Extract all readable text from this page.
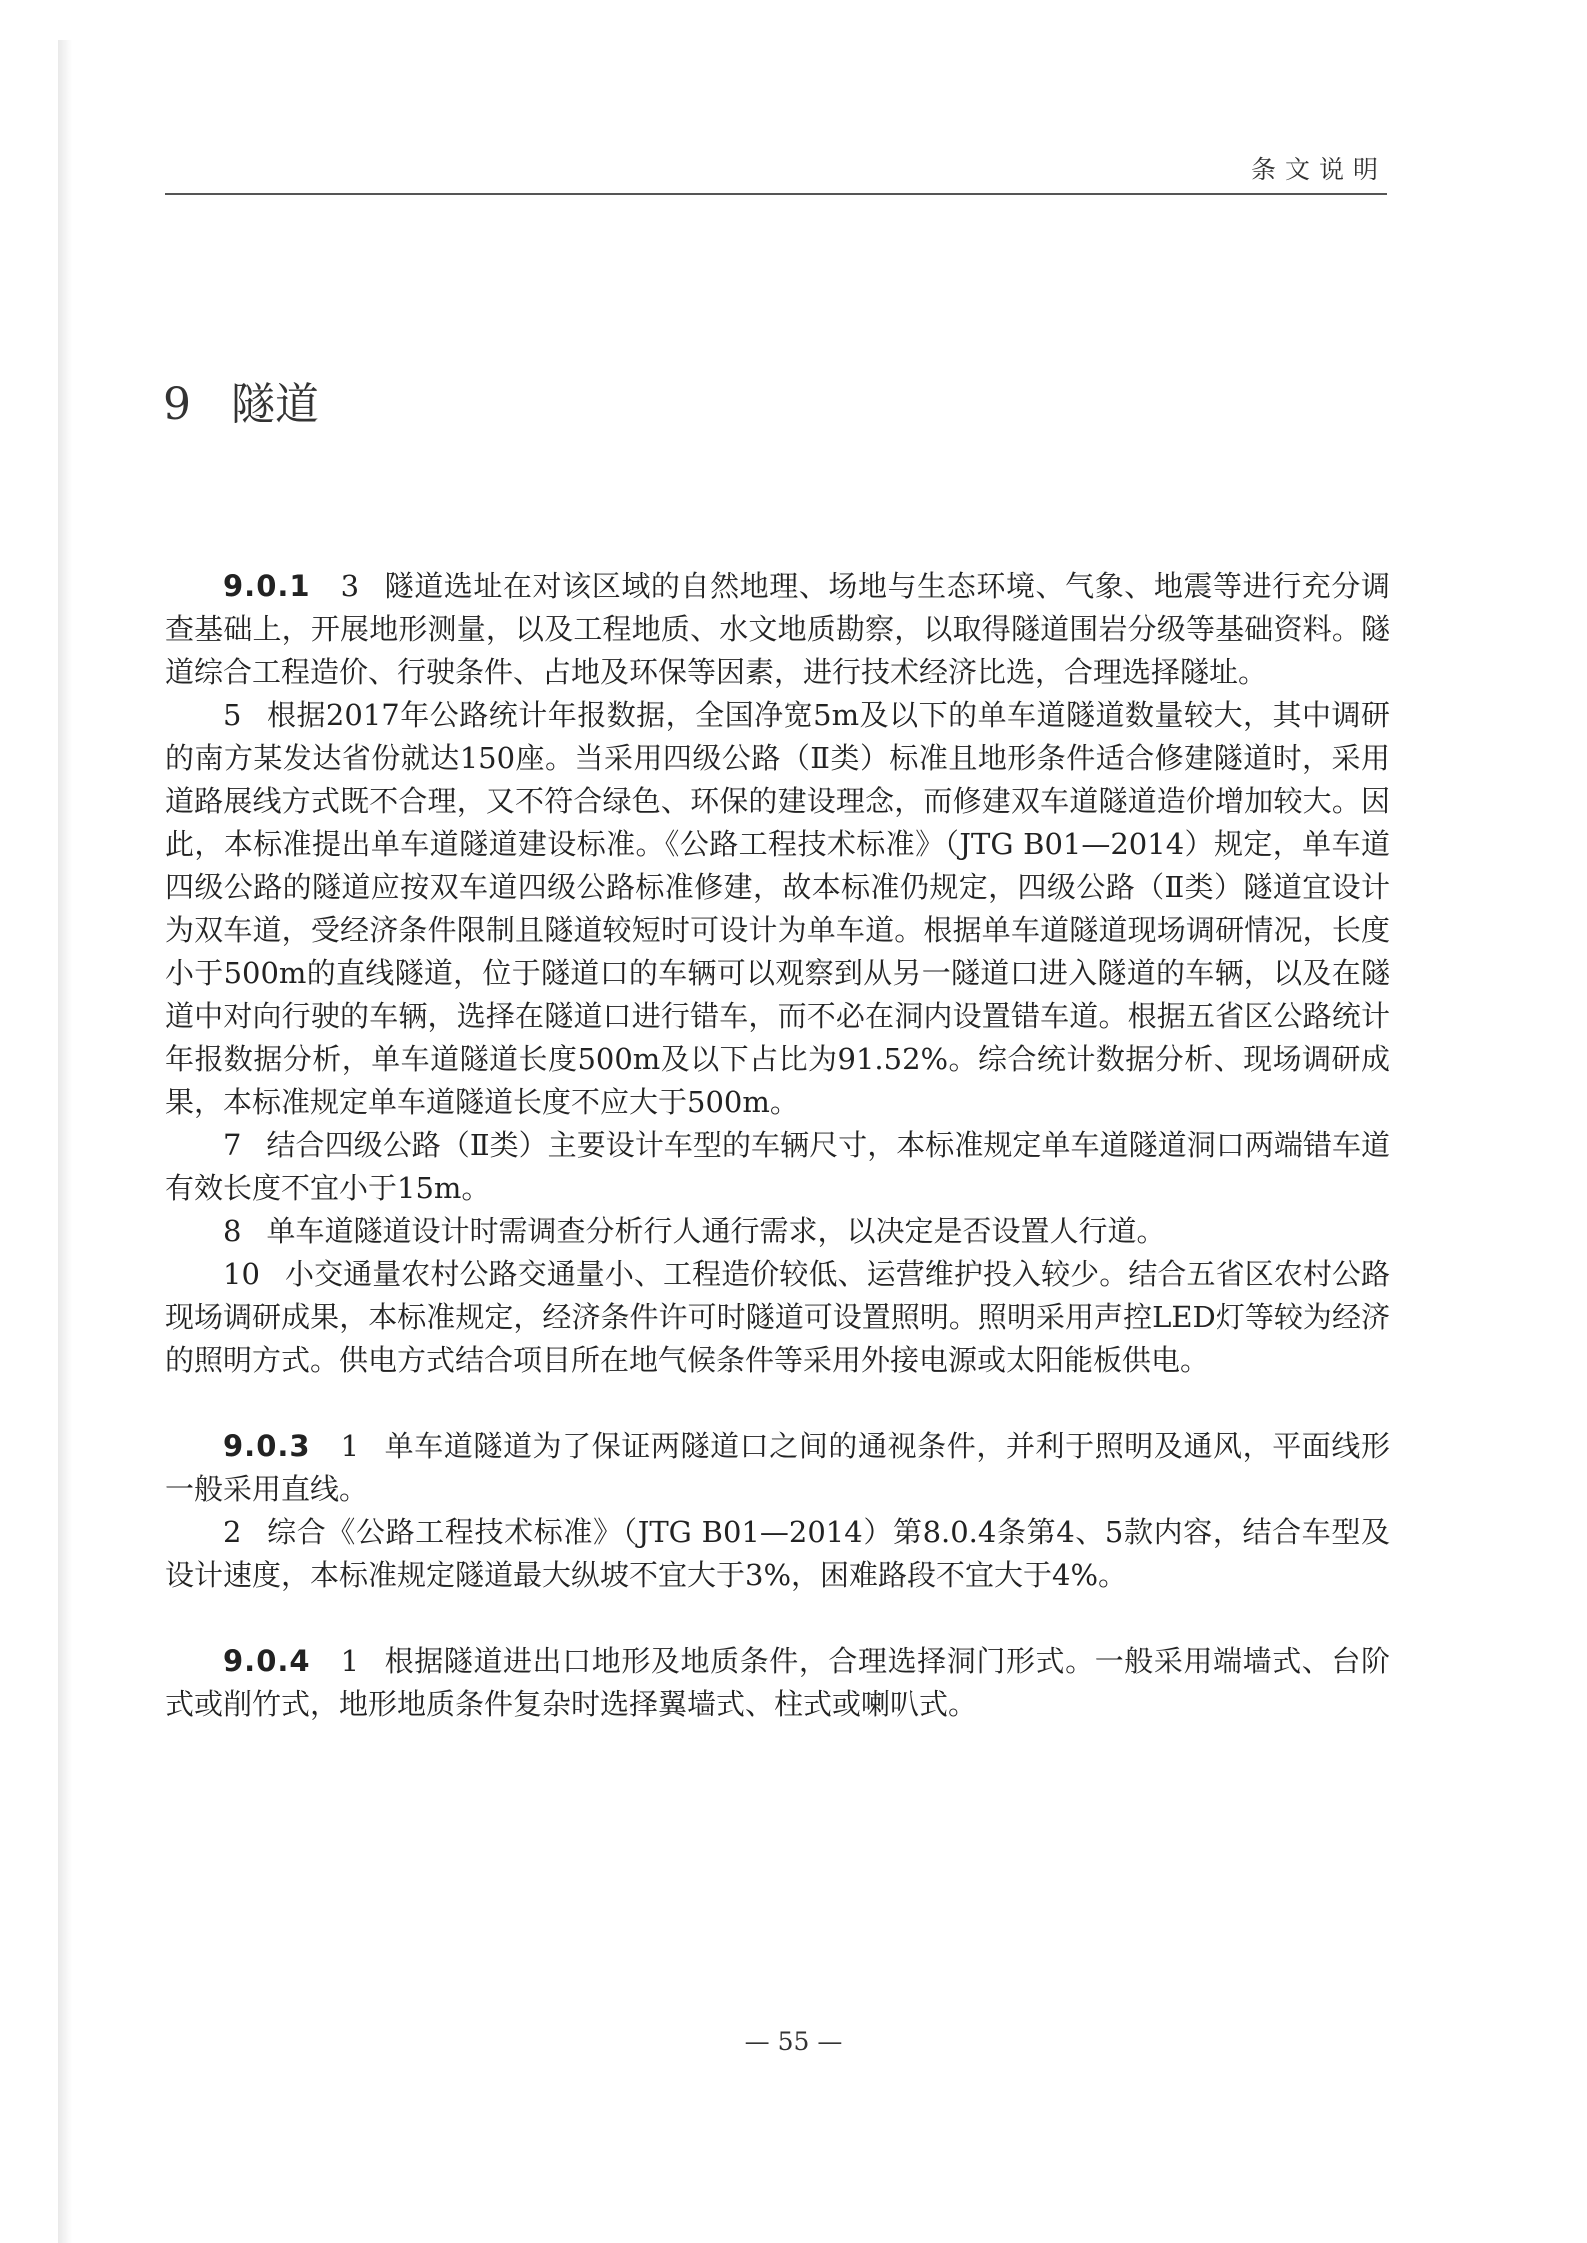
条文说明
9 隧道

9.0.1 3 隧道选址在对该区域的自然地理、场地与生态环境、气象、地震等进行充分调查基础上，开展地形测量，以及工程地质、水文地质勘察，以取得隧道围岩分级等基础资料。隧道综合工程造价、行驶条件、占地及环保等因素，进行技术经济比选，合理选择隧址。

5 根据2017年公路统计年报数据，全国净宽5m及以下的单车道隧道数量较大，其中调研的南方某发达省份就达150座。当采用四级公路（Ⅱ类）标准且地形条件适合修建隧道时，采用道路展线方式既不合理，又不符合绿色、环保的建设理念，而修建双车道隧道造价增加较大。因此，本标准提出单车道隧道建设标准。《公路工程技术标准》（JTG B01—2014）规定，单车道四级公路的隧道应按双车道四级公路标准修建，故本标准仍规定，四级公路（Ⅱ类）隧道宜设计为双车道，受经济条件限制且隧道较短时可设计为单车道。根据单车道隧道现场调研情况，长度小于500m的直线隧道，位于隧道口的车辆可以观察到从另一隧道口进入隧道的车辆，以及在隧道中对向行驶的车辆，选择在隧道口进行错车，而不必在洞内设置错车道。根据五省区公路统计年报数据分析，单车道隧道长度500m及以下占比为91.52%。综合统计数据分析、现场调研成果，本标准规定单车道隧道长度不应大于500m。

7 结合四级公路（Ⅱ类）主要设计车型的车辆尺寸，本标准规定单车道隧道洞口两端错车道有效长度不宜小于15m。

8 单车道隧道设计时需调查分析行人通行需求，以决定是否设置人行道。

10 小交通量农村公路交通量小、工程造价较低、运营维护投入较少。结合五省区农村公路现场调研成果，本标准规定，经济条件许可时隧道可设置照明。照明采用声控LED灯等较为经济的照明方式。供电方式结合项目所在地气候条件等采用外接电源或太阳能板供电。

9.0.3 1 单车道隧道为了保证两隧道口之间的通视条件，并利于照明及通风，平面线形一般采用直线。

2 综合《公路工程技术标准》（JTG B01—2014）第8.0.4条第4、5款内容，结合车型及设计速度，本标准规定隧道最大纵坡不宜大于3%，困难路段不宜大于4%。

9.0.4 1 根据隧道进出口地形及地质条件，合理选择洞门形式。一般采用端墙式、台阶式或削竹式，地形地质条件复杂时选择翼墙式、柱式或喇叭式。

— 55 —
